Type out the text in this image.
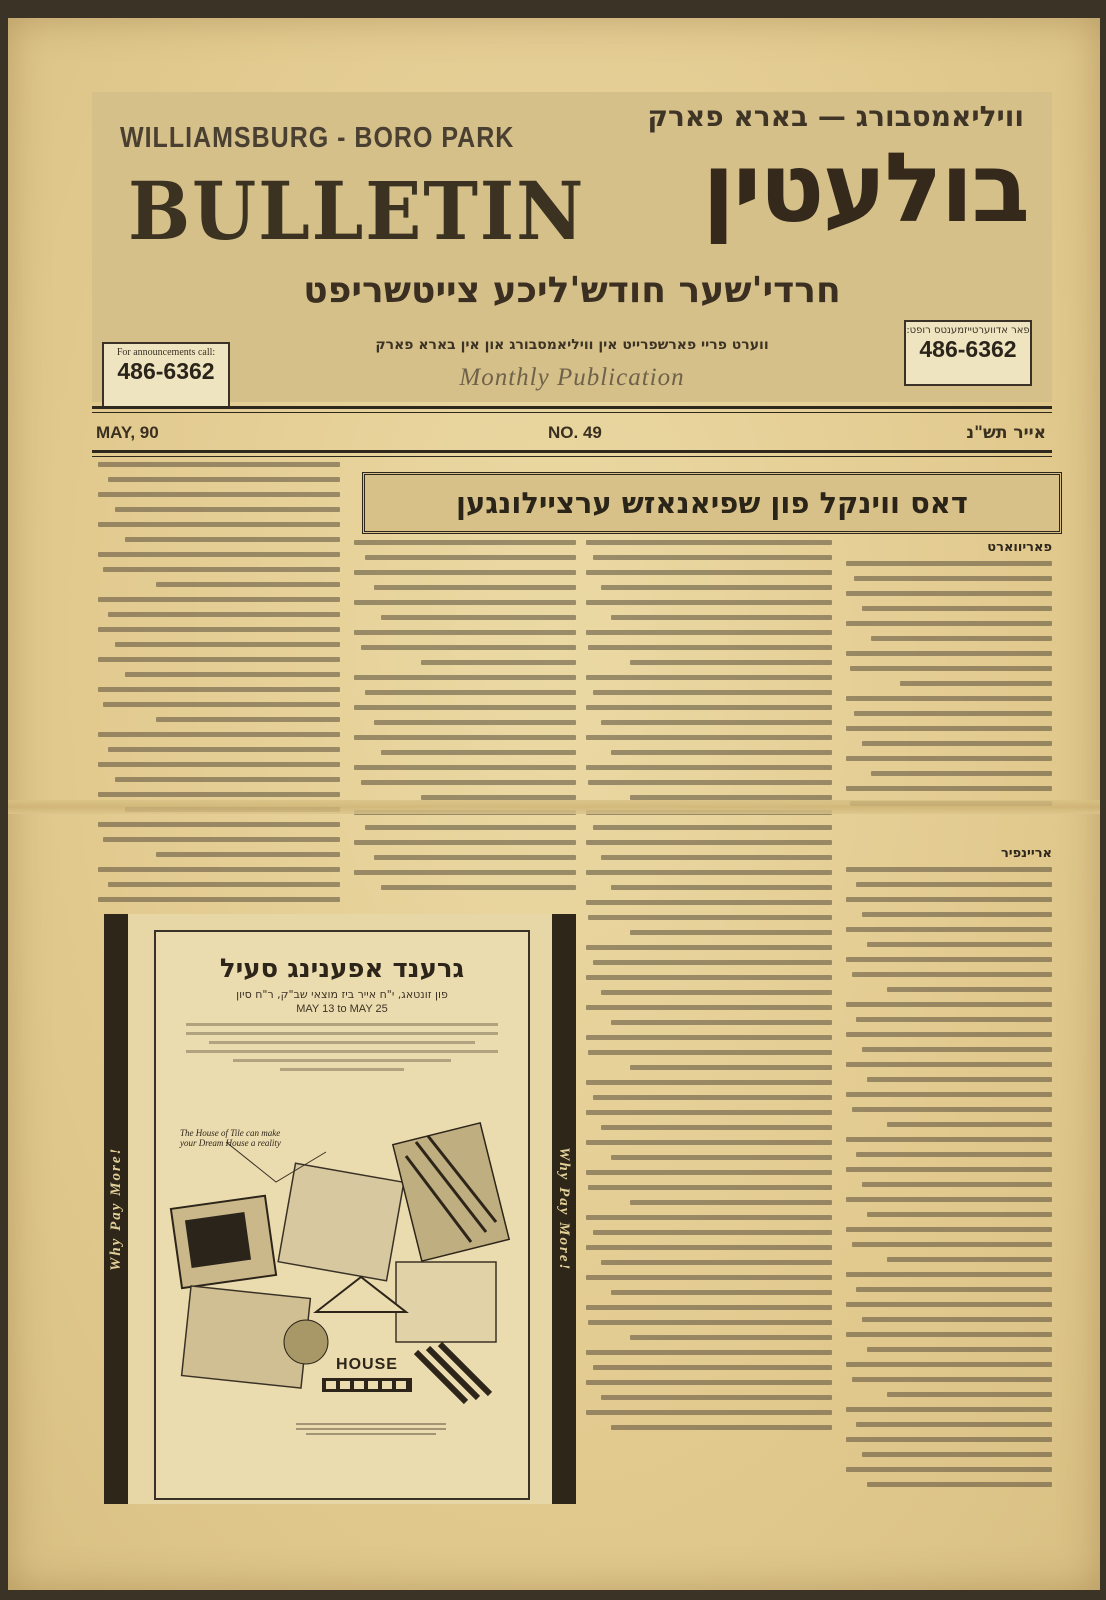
WILLIAMSBURG - BORO PARK
וויליאמסבורג — בארא פארק
BULLETIN בולעטין
חרדי'שער חודש'ליכע צייטשריפט
For announcements call:
486-6362
פאר אדווערטייזמענטס רופט:
486-6362
ווערט פריי פארשפרייט אין וויליאמסבורג און אין בארא פארק
Monthly Publication
MAY, 90	NO. 49	אייר תש"נ
דאס ווינקל פון שפיאנאזש ערציילונגען
פאריווארט
Why Pay More!	Why Pay More!
גרענד אפענינג סעיל
פון זונטאג, י"ח אייר ביז מוצאי שב"ק, ר"ח סיון
MAY 13 to MAY 25
The House of Tile can make your Dream House a reality
HOUSE
אריינפיר
